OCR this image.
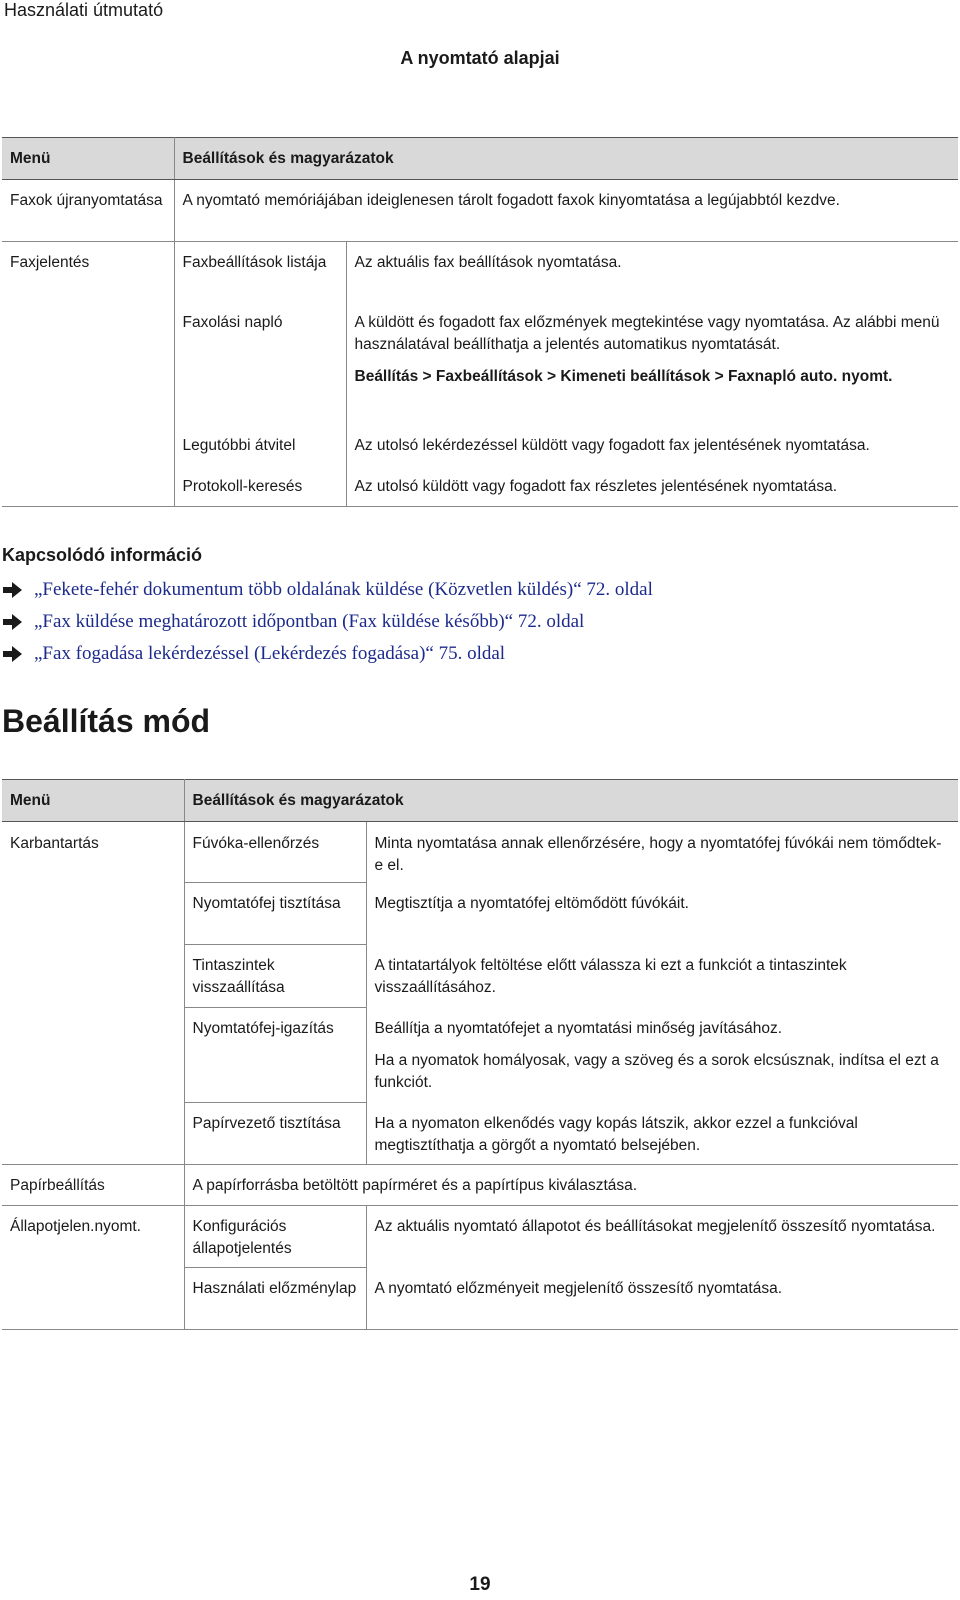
Használati útmutató
A nyomtató alapjai
Menü	Beállítások és magyarázatok	
Faxok újranyomtatása	A nyomtató memóriájában ideiglenesen tárolt fogadott faxok kinyomtatása a legújabbtól kezdve.	
Faxjelentés	Faxbeállítások listája	Az aktuális fax beállítások nyomtatása.
	Faxolási napló	A küldött és fogadott fax előzmények megtekintése vagy nyomtatása. Az alábbi menü használatával beállíthatja a jelentés automatikus nyomtatását.
Beállítás > Faxbeállítások > Kimeneti beállítások > Faxnapló auto. nyomt.

	Legutóbbi átvitel	Az utolsó lekérdezéssel küldött vagy fogadott fax jelentésének nyomtatása.
	Protokoll-keresés	Az utolsó küldött vagy fogadott fax részletes jelentésének nyomtatása.
Kapcsolódó információ
„Fekete-fehér dokumentum több oldalának küldése (Közvetlen küldés)“ 72. oldal
„Fax küldése meghatározott időpontban (Fax küldése később)“ 72. oldal
„Fax fogadása lekérdezéssel (Lekérdezés fogadása)“ 75. oldal
Beállítás mód
Menü	Beállítások és magyarázatok	
Karbantartás	Fúvóka-ellenőrzés	Minta nyomtatása annak ellenőrzésére, hogy a nyomtatófej fúvókái nem tömődtek-e el.
	Nyomtatófej tisztítása	Megtisztítja a nyomtatófej eltömődött fúvókáit.
	Tintaszintek visszaállítása	A tintatartályok feltöltése előtt válassza ki ezt a funkciót a tintaszintek visszaállításához.
	Nyomtatófej-igazítás	Beállítja a nyomtatófejet a nyomtatási minőség javításához.
Ha a nyomatok homályosak, vagy a szöveg és a sorok elcsúsznak, indítsa el ezt a funkciót.

	Papírvezető tisztítása	Ha a nyomaton elkenődés vagy kopás látszik, akkor ezzel a funkcióval megtisztíthatja a görgőt a nyomtató belsejében.
Papírbeállítás	A papírforrásba betöltött papírméret és a papírtípus kiválasztása.	
Állapotjelen.nyomt.	Konfigurációs állapotjelentés	Az aktuális nyomtató állapotot és beállításokat megjelenítő összesítő nyomtatása.
	Használati előzménylap	A nyomtató előzményeit megjelenítő összesítő nyomtatása.
19
